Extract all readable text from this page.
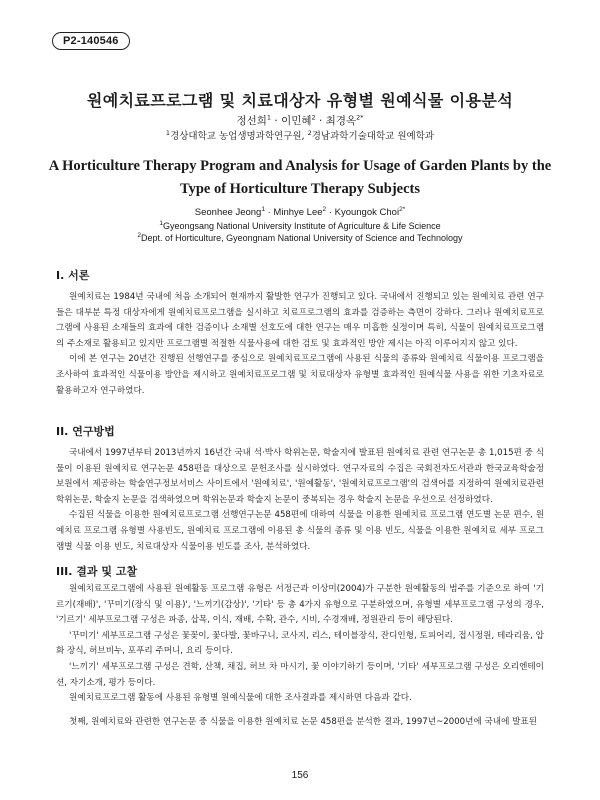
P2-140546
원예치료프로그램 및 치료대상자 유형별 원예식물 이용분석
정선희$^1$ · 이민혜$^2$ · 최경옥$^{2*}$
$^1$경상대학교 농업생명과학연구원, $^2$경남과학기술대학교 원예학과
A Horticulture Therapy Program and Analysis for Usage of Garden Plants by the Type of Horticulture Therapy Subjects
Seonhee Jeong$^1$ · Minhye Lee$^2$ · Kyoungok Choi$^{2*}$
$^1$Gyeongsang National University Institute of Agriculture & Life Science
$^2$Dept. of Horticulture, Gyeongnam National University of Science and Technology
I. 서론

원예치료는 1984년 국내에 처음 소개되어 현재까지 활발한 연구가 진행되고 있다. 국내에서 진행되고 있는 원예치료 관련 연구들은 대부분 특정 대상자에게 원예치료프로그램을 실시하고 치료프로그램의 효과를 검증하는 측면이 강하다. 그러나 원예치료프로그램에 사용된 소재들의 효과에 대한 검증이나 소재별 선호도에 대한 연구는 매우 미흡한 실정이며 특히, 식물이 원예치료프로그램의 주소재로 활용되고 있지만 프로그램별 적절한 식물사용에 대한 검토 및 효과적인 방안 제시는 아직 이루어지지 않고 있다.

이에 본 연구는 20년간 진행된 선행연구를 중심으로 원예치료프로그램에 사용된 식물의 종류와 원예치료 식물이용 프로그램을 조사하여 효과적인 식물이용 방안을 제시하고 원예치료프로그램 및 치료대상자 유형별 효과적인 원예식물 사용을 위한 기초자료로 활용하고자 연구하였다.

II. 연구방법

국내에서 1997년부터 2013년까지 16년간 국내 석·박사 학위논문, 학술지에 발표된 원예치료 관련 연구논문 총 1,015편 중 식물이 이용된 원예치료 연구논문 458편을 대상으로 문헌조사를 실시하였다. 연구자료의 수집은 국회전자도서관과 한국교육학술정보원에서 제공하는 학술연구정보서비스 사이트에서 '원예치료', '원예활동', '원예치료프로그램'의 검색어를 지정하여 원예치료관련 학위논문, 학술지 논문을 검색하였으며 학위논문과 학술지 논문이 중복되는 경우 학술지 논문을 우선으로 선정하였다.

수집된 식물을 이용한 원예치료프로그램 선행연구논문 458편에 대하여 식물을 이용한 원예치료 프로그램 연도별 논문 편수, 원예치료 프로그램 유형별 사용빈도, 원예치료 프로그램에 이용된 총 식물의 종류 및 이용 빈도, 식물을 이용한 원예치료 세부 프로그램별 식물 이용 빈도, 치료대상자 식물이용 빈도를 조사, 분석하였다.

III. 결과 및 고찰

원예치료프로그램에 사용된 원예활동 프로그램 유형은 서정근과 이상미(2004)가 구분한 원예활동의 범주를 기준으로 하여 '기르기(재배)', '꾸미기(장식 및 이용)', '느끼기(감상)', '기타' 등 총 4가지 유형으로 구분하였으며, 유형별 세부프로그램 구성의 경우, '기르기' 세부프로그램 구성은 파종, 삽목, 이식, 재배, 수확, 관수, 시비, 수경재배, 정원관리 등이 해당된다.

'꾸미기' 세부프로그램 구성은 꽃꽂이, 꽃다발, 꽃바구니, 코사지, 리스, 테이블장식, 잔디인형, 토피어리, 접시정원, 테라리움, 압화 장식, 허브비누, 포푸리 주머니, 요리 등이다.

'느끼기' 세부프로그램 구성은 견학, 산책, 채집, 허브 차 마시기, 꽃 이야기하기 등이며, '기타' 세부프로그램 구성은 오리엔테이션, 자기소개, 평가 등이다.

원예치료프로그램 활동에 사용된 유형별 원예식물에 대한 조사결과를 제시하면 다음과 같다.

첫째, 원예치료와 관련한 연구논문 중 식물을 이용한 원예치료 논문 458편을 분석한 결과, 1997년~2000년에 국내에 발표된

156
